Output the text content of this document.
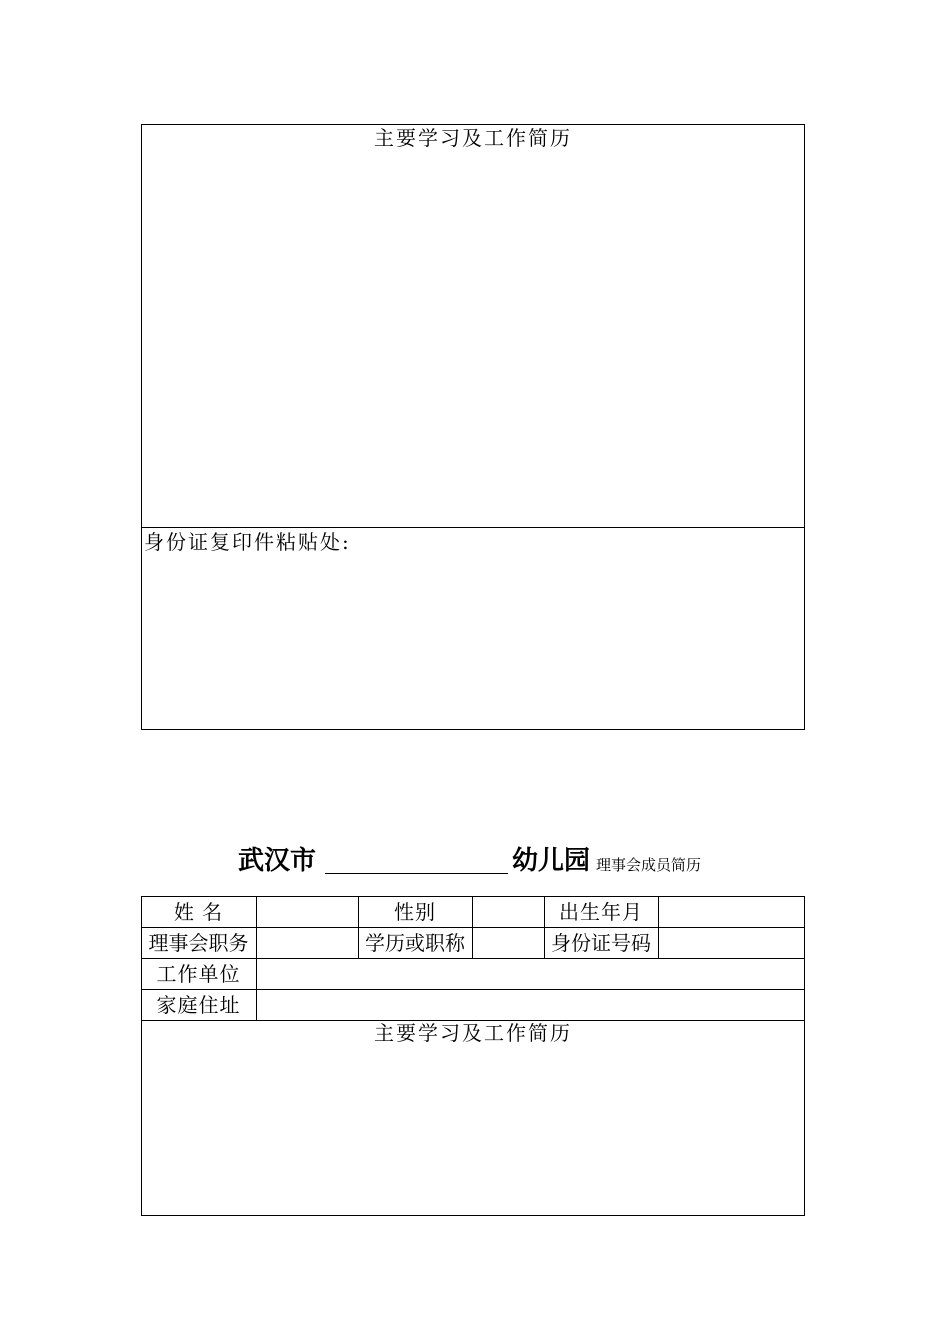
主要学习及工作简历
身份证复印件粘贴处:
武汉市	幼儿园 理事会成员简历
姓 名	性别	出生年月
理事会职务	学历或职称	身份证号码
工作单位
家庭住址
主要学习及工作简历
